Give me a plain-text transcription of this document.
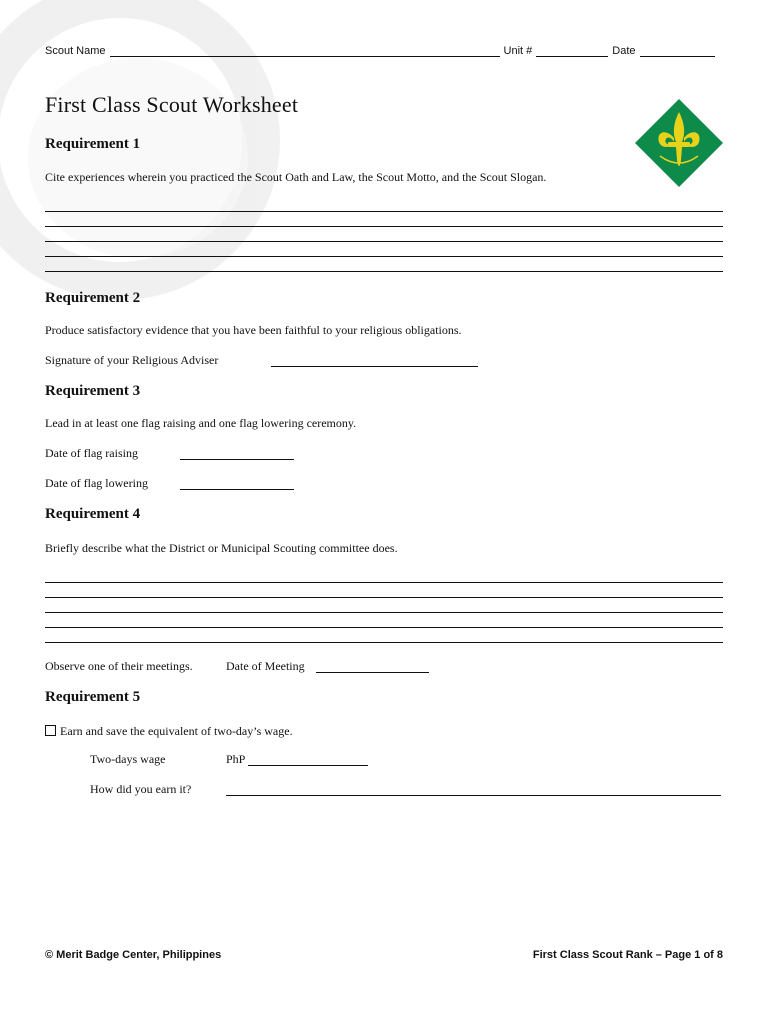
Scout Name	Unit #	Date
First Class Scout Worksheet
Requirement 1

Cite experiences wherein you practiced the Scout Oath and Law, the Scout Motto, and the Scout Slogan.

Requirement 2

Produce satisfactory evidence that you have been faithful to your religious obligations.

Signature of your Religious Adviser

Requirement 3

Lead in at least one flag raising and one flag lowering ceremony.

Date of flag raising

Date of flag lowering

Requirement 4

Briefly describe what the District or Municipal Scouting committee does.

Observe one of their meetings.	Date of Meeting

Requirement 5

Earn and save the equivalent of two-day’s wage.

Two-days wage	PhP

How did you earn it?

© Merit Badge Center, Philippines	First Class Scout Rank – Page 1 of 8
